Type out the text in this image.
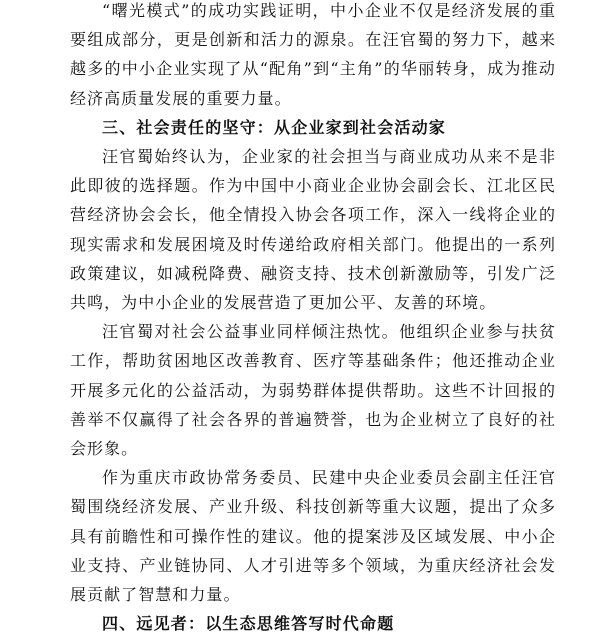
“曙光模式”的成功实践证明，中小企业不仅是经济发展的重要组成部分，更是创新和活力的源泉。在汪官蜀的努力下，越来越多的中小企业实现了从“配角”到“主角”的华丽转身，成为推动经济高质量发展的重要力量。

三、社会责任的坚守：从企业家到社会活动家

汪官蜀始终认为，企业家的社会担当与商业成功从来不是非此即彼的选择题。作为中国中小商业企业协会副会长、江北区民营经济协会会长，他全情投入协会各项工作，深入一线将企业的现实需求和发展困境及时传递给政府相关部门。他提出的一系列政策建议，如减税降费、融资支持、技术创新激励等，引发广泛共鸣，为中小企业的发展营造了更加公平、友善的环境。

汪官蜀对社会公益事业同样倾注热忱。他组织企业参与扶贫工作，帮助贫困地区改善教育、医疗等基础条件；他还推动企业开展多元化的公益活动，为弱势群体提供帮助。这些不计回报的善举不仅赢得了社会各界的普遍赞誉，也为企业树立了良好的社会形象。

作为重庆市政协常务委员、民建中央企业委员会副主任汪官蜀围绕经济发展、产业升级、科技创新等重大议题，提出了众多具有前瞻性和可操作性的建议。他的提案涉及区域发展、中小企业支持、产业链协同、人才引进等多个领域，为重庆经济社会发展贡献了智慧和力量。

四、远见者：以生态思维答写时代命题
